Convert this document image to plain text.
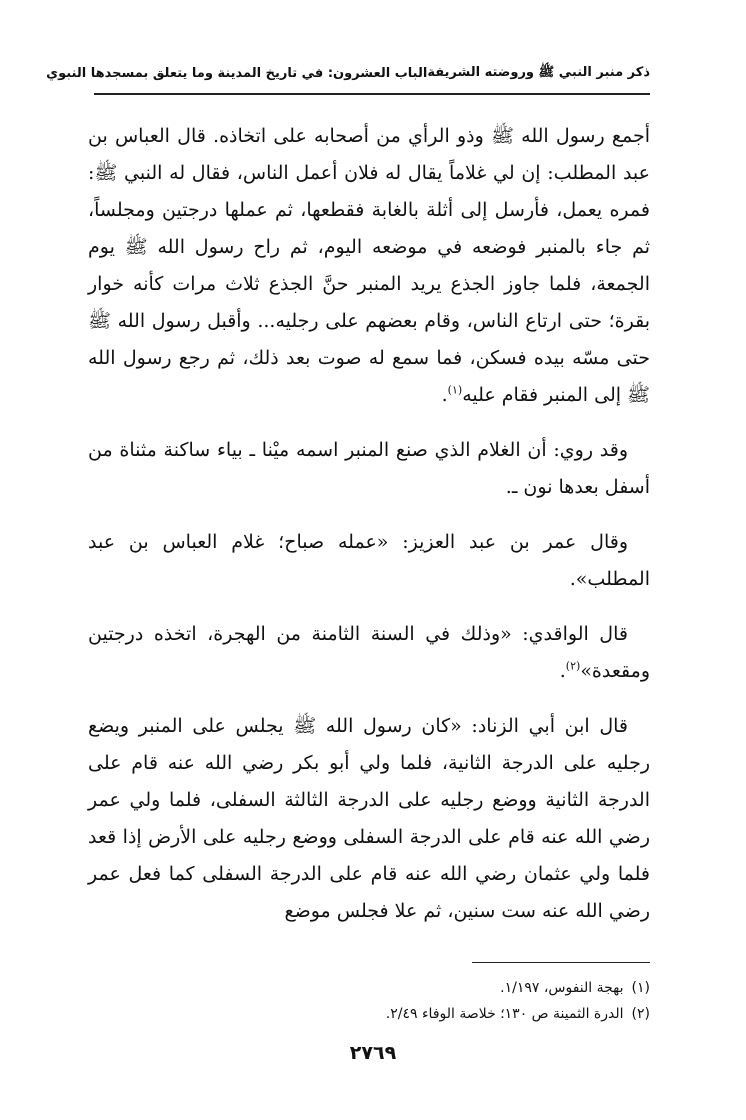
ذكر منبر النبي ﷺ وروضته الشريفة
الباب العشرون: في تاريخ المدينة وما يتعلق بمسجدها النبوي

أجمع رسول الله ﷺ وذو الرأي من أصحابه على اتخاذه. قال العباس بن عبد المطلب: إن لي غلاماً يقال له فلان أعمل الناس، فقال له النبي ﷺ: فمره يعمل، فأرسل إلى أثلة بالغابة فقطعها، ثم عملها درجتين ومجلساً، ثم جاء بالمنبر فوضعه في موضعه اليوم، ثم راح رسول الله ﷺ يوم الجمعة، فلما جاوز الجذع يريد المنبر حنَّ الجذع ثلاث مرات كأنه خوار بقرة؛ حتى ارتاع الناس، وقام بعضهم على رجليه... وأقبل رسول الله ﷺ حتى مسّه بيده فسكن، فما سمع له صوت بعد ذلك، ثم رجع رسول الله ﷺ إلى المنبر فقام عليه$^{(١)}$.

وقد روي: أن الغلام الذي صنع المنبر اسمه ميْنا ـ بياء ساكنة مثناة من أسفل بعدها نون ـ.

وقال عمر بن عبد العزيز: «عمله صباح؛ غلام العباس بن عبد المطلب».

قال الواقدي: «وذلك في السنة الثامنة من الهجرة، اتخذه درجتين ومقعدة»$^{(٢)}$.

قال ابن أبي الزناد: «كان رسول الله ﷺ يجلس على المنبر ويضع رجليه على الدرجة الثانية، فلما ولي أبو بكر رضي الله عنه قام على الدرجة الثانية ووضع رجليه على الدرجة الثالثة السفلى، فلما ولي عمر رضي الله عنه قام على الدرجة السفلى ووضع رجليه على الأرض إذا قعد فلما ولي عثمان رضي الله عنه قام على الدرجة السفلى كما فعل عمر رضي الله عنه ست سنين، ثم علا فجلس موضع

(١)
بهجة النفوس، ١/١٩٧.
(٢)
الدرة الثمينة ص ١٣٠؛ خلاصة الوفاء ٢/٤٩.
٢٧٦٩
